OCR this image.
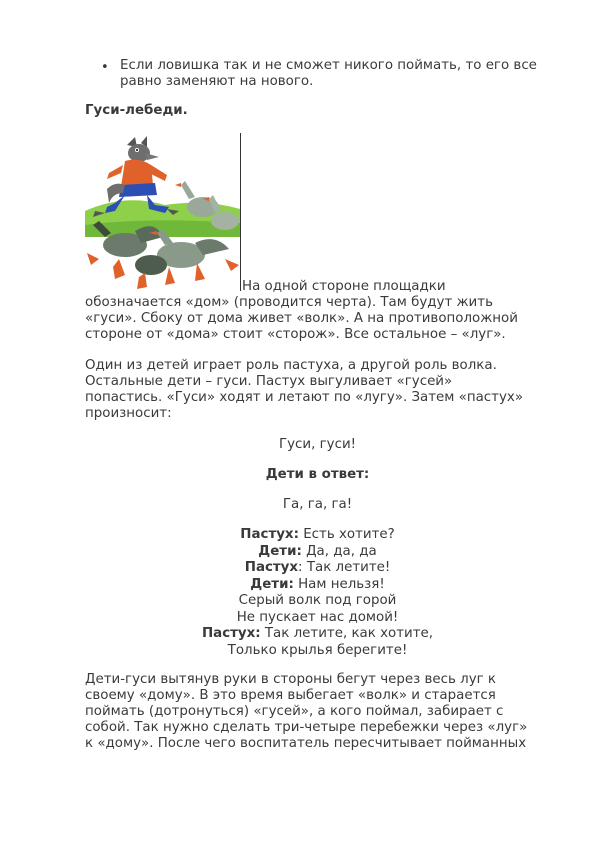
• Если ловишка так и не сможет никого поймать, то его все равно заменяют на нового.

Гуси-лебеди.

На одной стороне площадки

обозначается «дом» (проводится черта). Там будут жить

«гуси». Сбоку от дома живет «волк». А на противоположной

стороне от «дома» стоит «сторож». Все остальное – «луг».

Один из детей играет роль пастуха, а другой роль волка.

Остальные дети – гуси. Пастух выгуливает «гусей»

попастись. «Гуси» ходят и летают по «лугу». Затем «пастух»

произносит:

Гуси, гуси!

Дети в ответ:

Га, га, га!

Пастух: Есть хотите?
Дети: Да, да, да
Пастух: Так летите!
Дети: Нам нельзя!
Серый волк под горой
Не пускает нас домой!
Пастух: Так летите, как хотите,
Только крылья берегите!

Дети-гуси вытянув руки в стороны бегут через весь луг к

своему «дому». В это время выбегает «волк» и старается

поймать (дотронуться) «гусей», а кого поймал, забирает с

собой. Так нужно сделать три-четыре перебежки через «луг»

к «дому». После чего воспитатель пересчитывает пойманных
